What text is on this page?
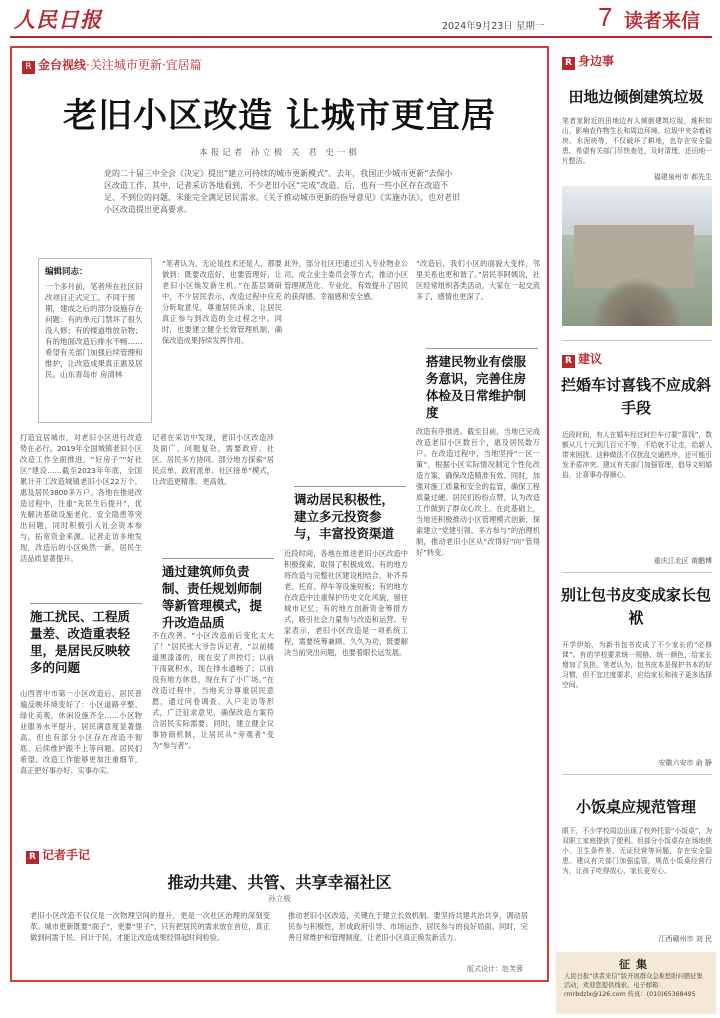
人民日报	2024年9月23日 星期一 7 读者来信
R 金台视线·关注城市更新·宜居篇
老旧小区改造 让城市更宜居
本报记者 孙立极 关 君 史一棋
党的二十届三中全会《决定》提出“建立可持续的城市更新模式”。去年，我国正少城市更新“去保小区改造工作，其中，记者采访各地看到，不少老旧小区“完成”改造、后，也有一些小区存在改造不足、不到位的问题，未能完全满足居民需求。《关于推动城市更新的指导意见》《实施办法》，也对老旧小区改造提出更高要求。
编辑同志：
一个多月前，笔者所在社区旧改项目正式完工。不同于预期，建成之后的部分设施存在问题：有的单元门禁坏了很久没人修；有的楼道堆放杂物；有的地面改造后排水不畅……希望有关部门加强后续管理和维护，让改造成果真正惠及居民。山东青岛市 房清林
“笔者认为，无论是技术还是人，都要做到：既要改造好，也要管理好，让老旧小区焕发新生机。”在基层调研中，不少居民表示，改造过程中应充分听取意见，尊重居民诉求，让居民真正参与到改造的全过程之中。同时，也要建立健全长效管理机制，确保改造成果持续发挥作用。
打造宜居城市，对老旧小区进行改造势在必行。2019年全国城镇老旧小区改造工作全面推进，“好房子”“好社区”建设……截至2023年年底，全国累计开工改造城镇老旧小区22万个，惠及居民3800多万户。各地在推进改造过程中，注重“先民生后提升”，优先解决基础设施老化、安全隐患等突出问题，同时积极引入社会资本参与，拓宽资金来源。记者走访多地发现，改造后的小区焕然一新，居民生活品质显著提升。
施工扰民、工程质量差、改造重表轻里，是居民反映较多的问题
山西晋中市第一小区改造后，居民普遍反映环境变好了：小区道路平整、绿化美观，休闲设施齐全……小区物业服务水平提升，居民满意度显著提高。但也有部分小区存在改造不彻底、后续维护跟不上等问题。居民们希望，改造工作能够更加注重细节，真正把好事办好、实事办实。
记者在采访中发现，老旧小区改造涉及面广、问题复杂，需要政府、社区、居民多方协同。部分地方探索“居民点单、政府派单、社区接单”模式，让改造更精准、更高效。
通过建筑师负责制、责任规划师制等新管理模式，提升改造品质
不在改善。“小区改造前后变化太大了！”居民张大爷告诉记者，“以前楼道黑漆漆的，现在安了声控灯；以前下雨就积水，现在排水通畅了；以前没有地方休息，现在有了小广场。”在改造过程中，当地充分尊重居民意愿，通过问卷调查、入户走访等形式，广泛征求意见，确保改造方案符合居民实际需要。同时，建立健全议事协商机制，让居民从“旁观者”变为“参与者”。
此外，部分社区还通过引入专业物业公司、成立业主委员会等方式，推动小区管理规范化、专业化，有效提升了居民的获得感、幸福感和安全感。
调动居民积极性，建立多元投资参与，丰富投资渠道
近段时间，各地在推进老旧小区改造中积极探索，取得了积极成效。有的地方将改造与完整社区建设相结合，补齐养老、托育、停车等设施短板；有的地方在改造中注重保护历史文化风貌，留住城市记忆；有的地方创新资金筹措方式，吸引社会力量参与改造和运营。专家表示，老旧小区改造是一项系统工程，需要统筹兼顾、久久为功，既要解决当前突出问题，也要着眼长远发展。
“改造后，我们小区的面貌大变样，邻里关系也更和谐了。”居民李阿姨说，社区经常组织各类活动，大家在一起交流多了，感情也更深了。
搭建民物业有偿服务意识，完善住房体检及日常维护制度
改造有序推进。截至目前，当地已完成改造老旧小区数百个，惠及居民数万户。在改造过程中，当地坚持“一区一策”，根据小区实际情况制定个性化改造方案，确保改造精准有效。同时，加强对施工质量和安全的监管，确保工程质量过硬。居民们纷纷点赞，认为改造工作做到了群众心坎上。在此基础上，当地还积极推动小区管理模式创新，探索建立“党建引领、多方参与”的治理机制，推动老旧小区从“改得好”向“管得好”转变。
R 记者手记
推动共建、共管、共享幸福社区
孙立极
老旧小区改造不仅仅是一次物理空间的提升，更是一次社区治理的深刻变革。城市更新既要“面子”，更要“里子”，只有把居民的需求放在首位，真正做到问需于民、问计于民，才能让改造成果经得起时间检验。
推动老旧小区改造，关键在于建立长效机制。要坚持共建共治共享，调动居民参与积极性，形成政府引导、市场运作、居民参与的良好局面。同时，完善日常维护和管理制度，让老旧小区真正焕发新活力。
版式设计：赵芙蓉
R 身边事
田地边倾倒建筑垃圾
笔者家附近的田地边有人倾倒建筑垃圾，堆积如山，影响农作物生长和周边环境。垃圾中夹杂着砖块、水泥块等，不仅破坏了耕地，也存在安全隐患。希望有关部门尽快查处，及时清理，还田地一片整洁。
福建泉州市 郝先生
R 建议
拦婚车讨喜钱不应成斜手段
近段时间，有人在婚车经过时拦车讨要“喜钱”，数额从几十元到几百元不等，不给就不让走，给新人带来困扰。这种做法不仅扰乱交通秩序，还可能引发矛盾冲突。建议有关部门加强管理，倡导文明婚俗，让喜事办得顺心。
重庆江北区 黄鹏博
别让包书皮变成家长包袱
开学伊始，为新书包书皮成了不少家长的“必修课”。有的学校要求统一规格、统一颜色，给家长增加了负担。笔者认为，包书皮本是保护书本的好习惯，但不宜过度要求，应给家长和孩子更多选择空间。
安徽六安市 俞 静
小饭桌应规范管理
眼下，不少学校周边出现了校外托管“小饭桌”，为双职工家庭提供了便利。但部分小饭桌存在场地狭小、卫生条件差、无证经营等问题，存在安全隐患。建议有关部门加强监管，规范小饭桌经营行为，让孩子吃得放心、家长更安心。
江西赣州市 刘 民
征集
人民日报“读者来信”版开展群众急难愁盼问题征集活动，欢迎您提供线索。电子邮箱：rmrbdzlx@126.com 传真：(010)65368495
